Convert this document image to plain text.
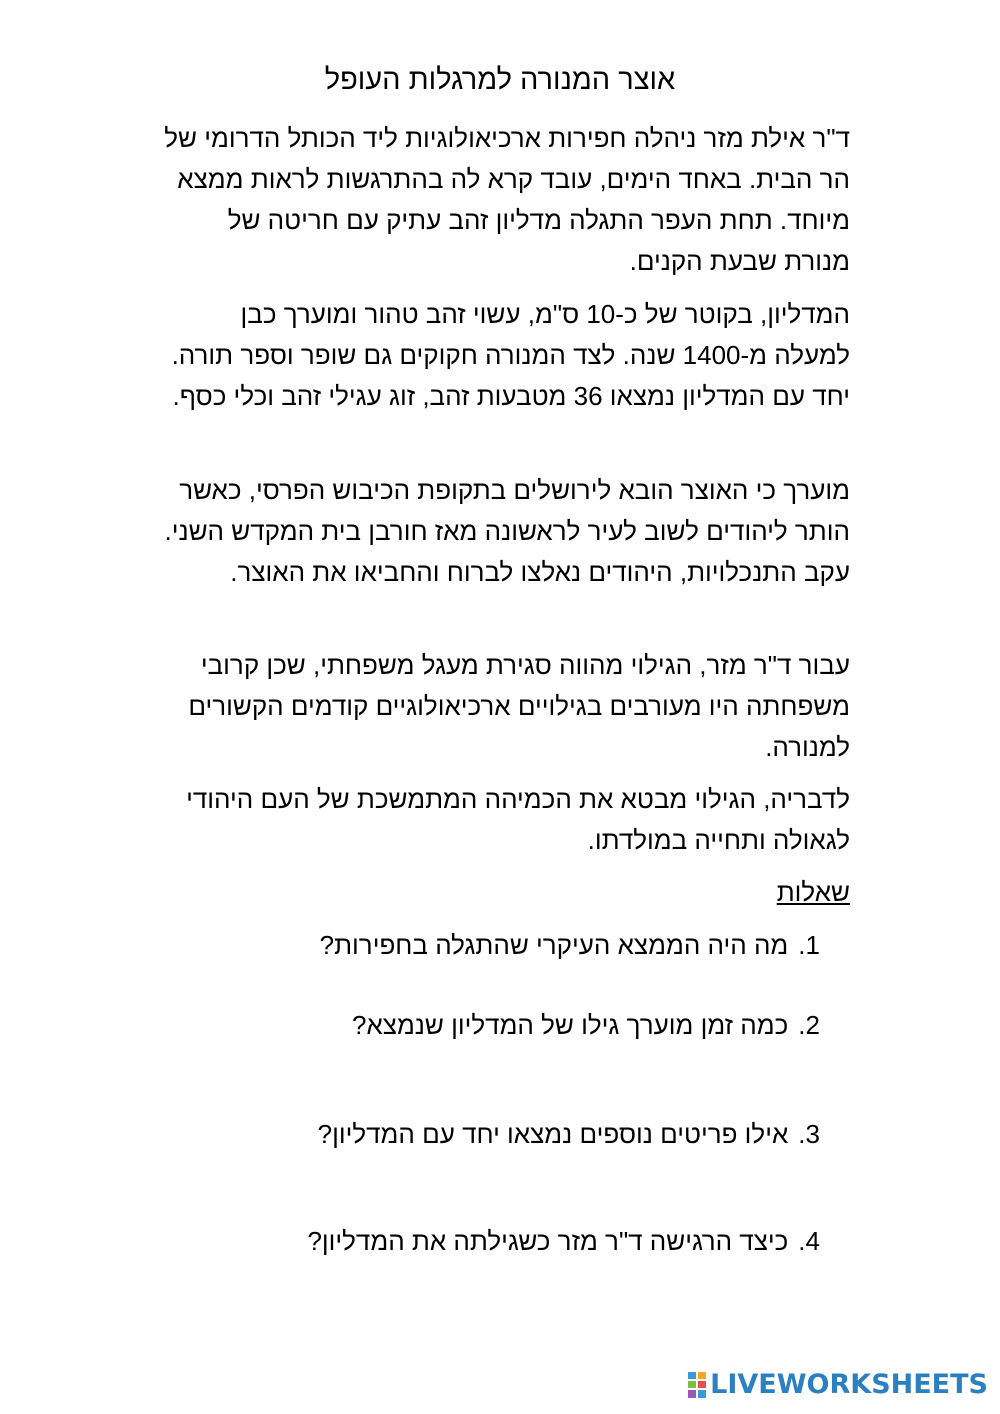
אוצר המנורה למרגלות העופל

ד"ר אילת מזר ניהלה חפירות ארכיאולוגיות ליד הכותל הדרומי של הר הבית. באחד הימים, עובד קרא לה בהתרגשות לראות ממצא מיוחד. תחת העפר התגלה מדליון זהב עתיק עם חריטה של מנורת שבעת הקנים.

המדליון, בקוטר של כ-10 ס"מ, עשוי זהב טהור ומוערך כבן למעלה מ-1400 שנה. לצד המנורה חקוקים גם שופר וספר תורה. יחד עם המדליון נמצאו 36 מטבעות זהב, זוג עגילי זהב וכלי כסף.

מוערך כי האוצר הובא לירושלים בתקופת הכיבוש הפרסי, כאשר הותר ליהודים לשוב לעיר לראשונה מאז חורבן בית המקדש השני. עקב התנכלויות, היהודים נאלצו לברוח והחביאו את האוצר.

עבור ד"ר מזר, הגילוי מהווה סגירת מעגל משפחתי, שכן קרובי משפחתה היו מעורבים בגילויים ארכיאולוגיים קודמים הקשורים למנורה.

לדבריה, הגילוי מבטא את הכמיהה המתמשכת של העם היהודי לגאולה ותחייה במולדתו.

שאלות
1.מה היה הממצא העיקרי שהתגלה בחפירות?
2.כמה זמן מוערך גילו של המדליון שנמצא?
3.אילו פריטים נוספים נמצאו יחד עם המדליון?
4.כיצד הרגישה ד"ר מזר כשגילתה את המדליון?
LIVEWORKSHEETS
